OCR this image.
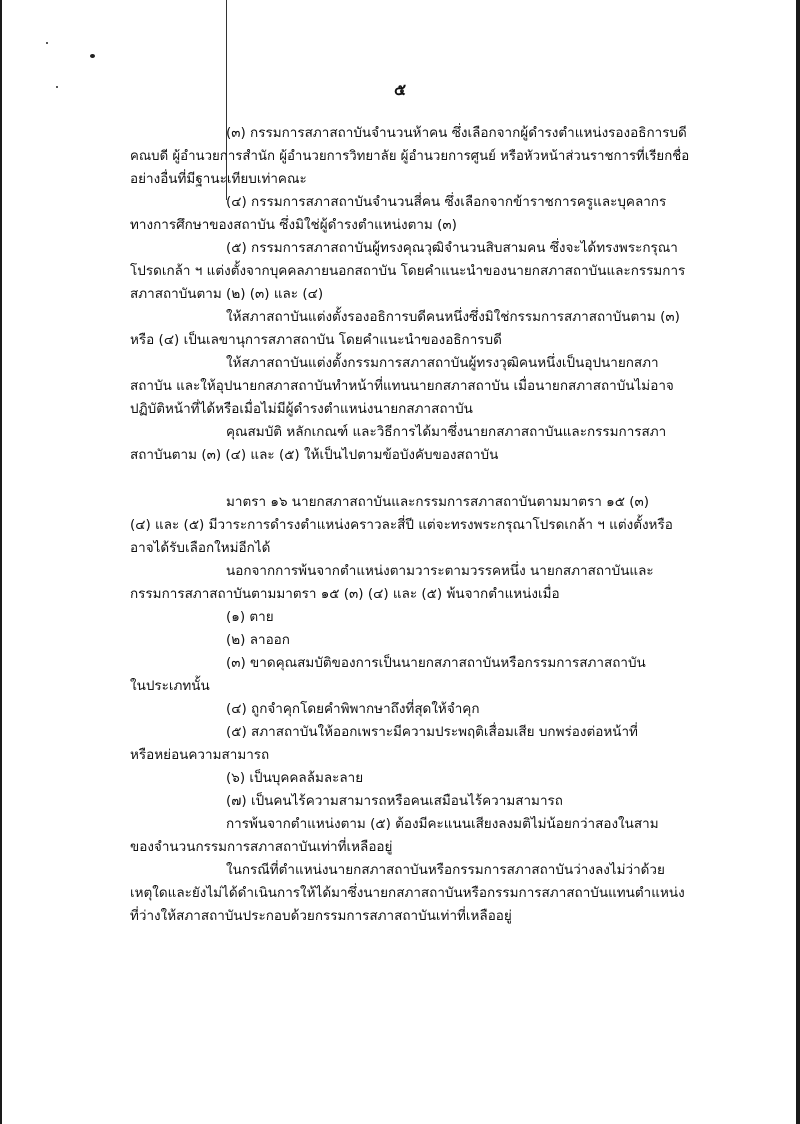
๕
(๓) กรรมการสภาสถาบันจำนวนห้าคน ซึ่งเลือกจากผู้ดำรงตำแหน่งรองอธิการบดี
คณบดี ผู้อำนวยการสำนัก ผู้อำนวยการวิทยาลัย ผู้อำนวยการศูนย์ หรือหัวหน้าส่วนราชการที่เรียกชื่อ
อย่างอื่นที่มีฐานะเทียบเท่าคณะ
(๔) กรรมการสภาสถาบันจำนวนสี่คน ซึ่งเลือกจากข้าราชการครูและบุคลากร
ทางการศึกษาของสถาบัน ซึ่งมิใช่ผู้ดำรงตำแหน่งตาม (๓)
(๕) กรรมการสภาสถาบันผู้ทรงคุณวุฒิจำนวนสิบสามคน ซึ่งจะได้ทรงพระกรุณา
โปรดเกล้า ฯ แต่งตั้งจากบุคคลภายนอกสถาบัน โดยคำแนะนำของนายกสภาสถาบันและกรรมการ
สภาสถาบันตาม (๒) (๓) และ (๔)
ให้สภาสถาบันแต่งตั้งรองอธิการบดีคนหนึ่งซึ่งมิใช่กรรมการสภาสถาบันตาม (๓)
หรือ (๔) เป็นเลขานุการสภาสถาบัน โดยคำแนะนำของอธิการบดี
ให้สภาสถาบันแต่งตั้งกรรมการสภาสถาบันผู้ทรงวุฒิคนหนึ่งเป็นอุปนายกสภา
สถาบัน และให้อุปนายกสภาสถาบันทำหน้าที่แทนนายกสภาสถาบัน เมื่อนายกสภาสถาบันไม่อาจ
ปฏิบัติหน้าที่ได้หรือเมื่อไม่มีผู้ดำรงตำแหน่งนายกสภาสถาบัน
คุณสมบัติ หลักเกณฑ์ และวิธีการได้มาซึ่งนายกสภาสถาบันและกรรมการสภา
สถาบันตาม (๓) (๔) และ (๕) ให้เป็นไปตามข้อบังคับของสถาบัน
มาตรา ๑๖ นายกสภาสถาบันและกรรมการสภาสถาบันตามมาตรา ๑๕ (๓)
(๔) และ (๕) มีวาระการดำรงตำแหน่งคราวละสี่ปี แต่จะทรงพระกรุณาโปรดเกล้า ฯ แต่งตั้งหรือ
อาจได้รับเลือกใหม่อีกได้
นอกจากการพ้นจากตำแหน่งตามวาระตามวรรคหนึ่ง นายกสภาสถาบันและ
กรรมการสภาสถาบันตามมาตรา ๑๕ (๓) (๔) และ (๕) พ้นจากตำแหน่งเมื่อ
(๑) ตาย
(๒) ลาออก
(๓) ขาดคุณสมบัติของการเป็นนายกสภาสถาบันหรือกรรมการสภาสถาบัน
ในประเภทนั้น
(๔) ถูกจำคุกโดยคำพิพากษาถึงที่สุดให้จำคุก
(๕) สภาสถาบันให้ออกเพราะมีความประพฤติเสื่อมเสีย บกพร่องต่อหน้าที่
หรือหย่อนความสามารถ
(๖) เป็นบุคคลล้มละลาย
(๗) เป็นคนไร้ความสามารถหรือคนเสมือนไร้ความสามารถ
การพ้นจากตำแหน่งตาม (๕) ต้องมีคะแนนเสียงลงมติไม่น้อยกว่าสองในสาม
ของจำนวนกรรมการสภาสถาบันเท่าที่เหลืออยู่
ในกรณีที่ตำแหน่งนายกสภาสถาบันหรือกรรมการสภาสถาบันว่างลงไม่ว่าด้วย
เหตุใดและยังไม่ได้ดำเนินการให้ได้มาซึ่งนายกสภาสถาบันหรือกรรมการสภาสถาบันแทนตำแหน่ง
ที่ว่างให้สภาสถาบันประกอบด้วยกรรมการสภาสถาบันเท่าที่เหลืออยู่
